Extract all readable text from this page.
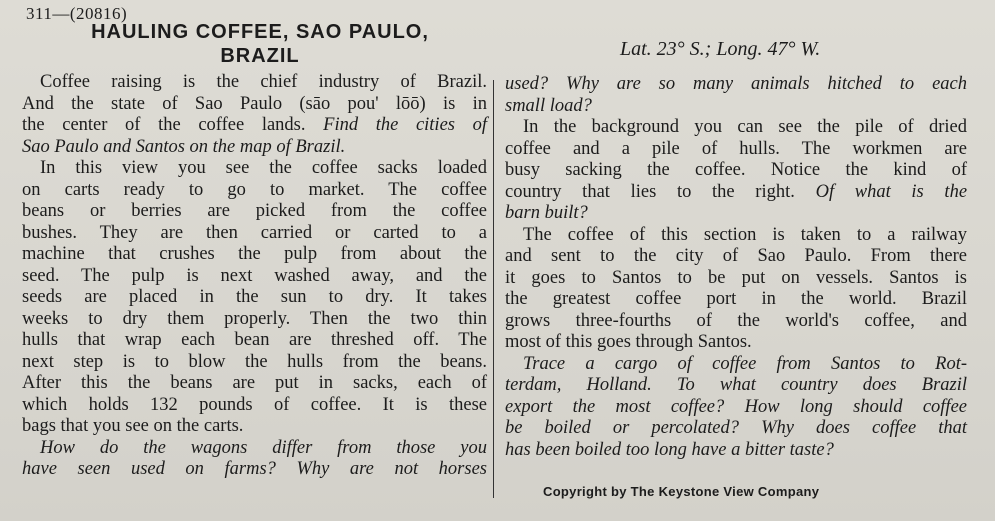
311—(20816)
HAULING COFFEE, SAO PAULO,
BRAZIL	Lat. 23° S.; Long. 47° W.
Coffee raising is the chief industry of Brazil.
And the state of Sao Paulo (sāo pou' lōō) is in
the center of the coffee lands. Find the cities of
Sao Paulo and Santos on the map of Brazil.
In this view you see the coffee sacks loaded
on carts ready to go to market. The coffee
beans or berries are picked from the coffee
bushes. They are then carried or carted to a
machine that crushes the pulp from about the
seed. The pulp is next washed away, and the
seeds are placed in the sun to dry. It takes
weeks to dry them properly. Then the two thin
hulls that wrap each bean are threshed off. The
next step is to blow the hulls from the beans.
After this the beans are put in sacks, each of
which holds 132 pounds of coffee. It is these
bags that you see on the carts.
How do the wagons differ from those you
have seen used on farms? Why are not horses
used? Why are so many animals hitched to each
small load?
In the background you can see the pile of dried
coffee and a pile of hulls. The workmen are
busy sacking the coffee. Notice the kind of
country that lies to the right. Of what is the
barn built?
The coffee of this section is taken to a railway
and sent to the city of Sao Paulo. From there
it goes to Santos to be put on vessels. Santos is
the greatest coffee port in the world. Brazil
grows three-fourths of the world's coffee, and
most of this goes through Santos.
Trace a cargo of coffee from Santos to Rot-
terdam, Holland. To what country does Brazil
export the most coffee? How long should coffee
be boiled or percolated? Why does coffee that
has been boiled too long have a bitter taste?
Copyright by The Keystone View Company
